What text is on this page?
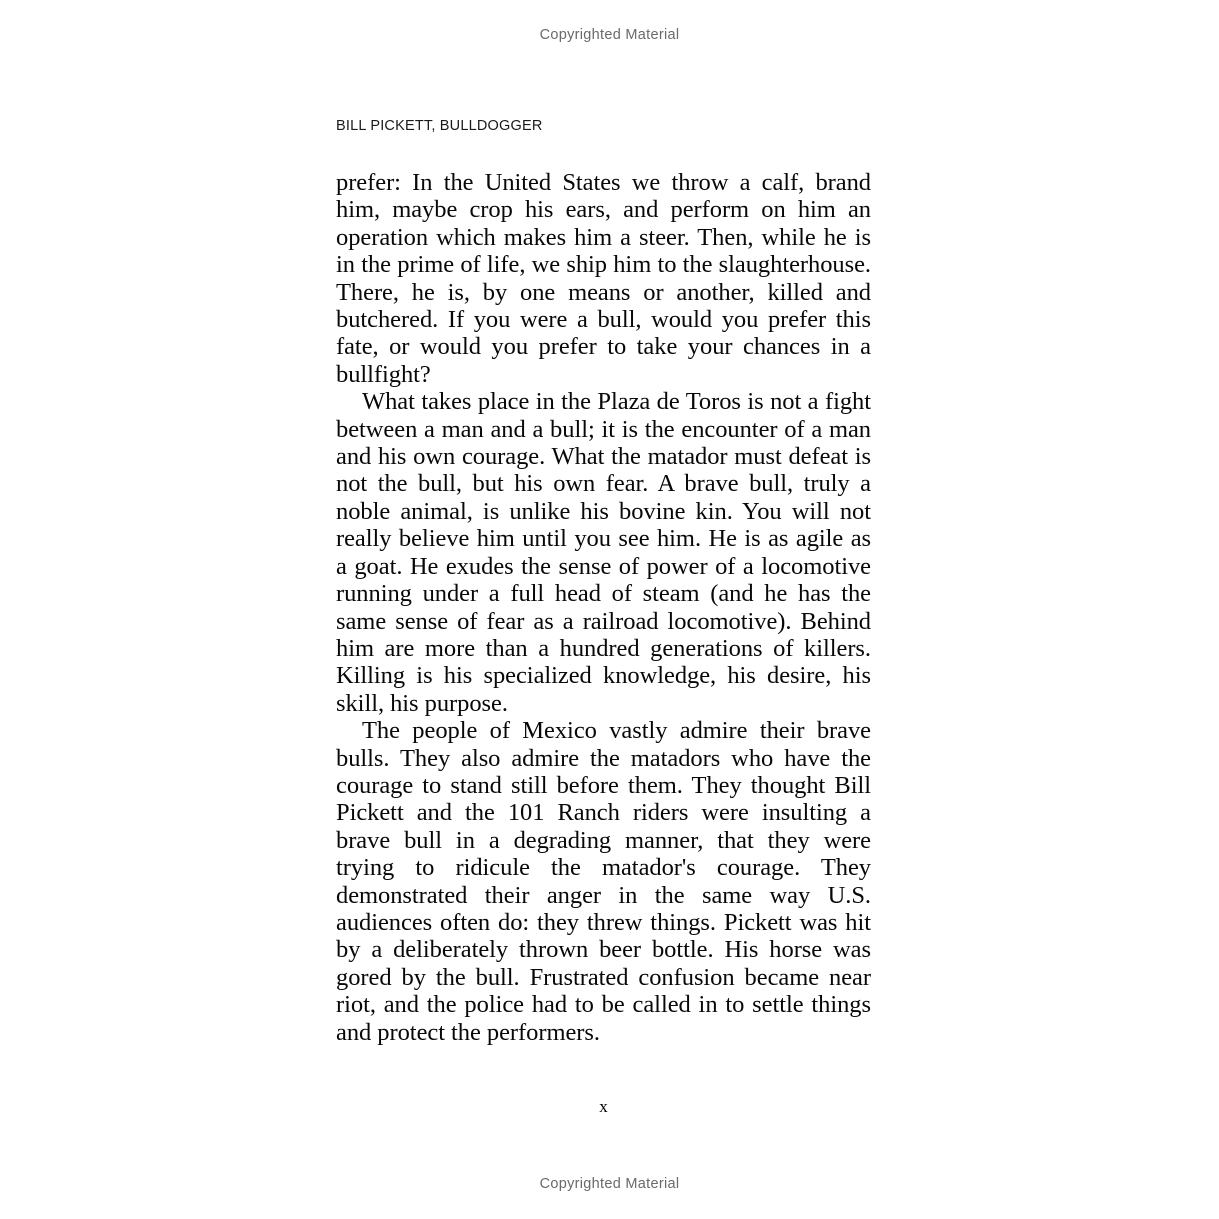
Copyrighted Material
BILL PICKETT, BULLDOGGER

prefer: In the United States we throw a calf, brand him, maybe crop his ears, and perform on him an operation which makes him a steer. Then, while he is in the prime of life, we ship him to the slaughterhouse. There, he is, by one means or another, killed and butchered. If you were a bull, would you prefer this fate, or would you prefer to take your chances in a bullfight?

What takes place in the Plaza de Toros is not a fight between a man and a bull; it is the encounter of a man and his own courage. What the matador must defeat is not the bull, but his own fear. A brave bull, truly a noble animal, is unlike his bovine kin. You will not really believe him until you see him. He is as agile as a goat. He exudes the sense of power of a locomotive running under a full head of steam (and he has the same sense of fear as a railroad locomotive). Behind him are more than a hundred generations of killers. Killing is his specialized knowledge, his desire, his skill, his purpose.

The people of Mexico vastly admire their brave bulls. They also admire the matadors who have the courage to stand still before them. They thought Bill Pickett and the 101 Ranch riders were insulting a brave bull in a degrading manner, that they were trying to ridicule the matador's courage. They demonstrated their anger in the same way U.S. audiences often do: they threw things. Pickett was hit by a deliberately thrown beer bottle. His horse was gored by the bull. Frustrated confusion became near riot, and the police had to be called in to settle things and protect the performers.

x
Copyrighted Material
